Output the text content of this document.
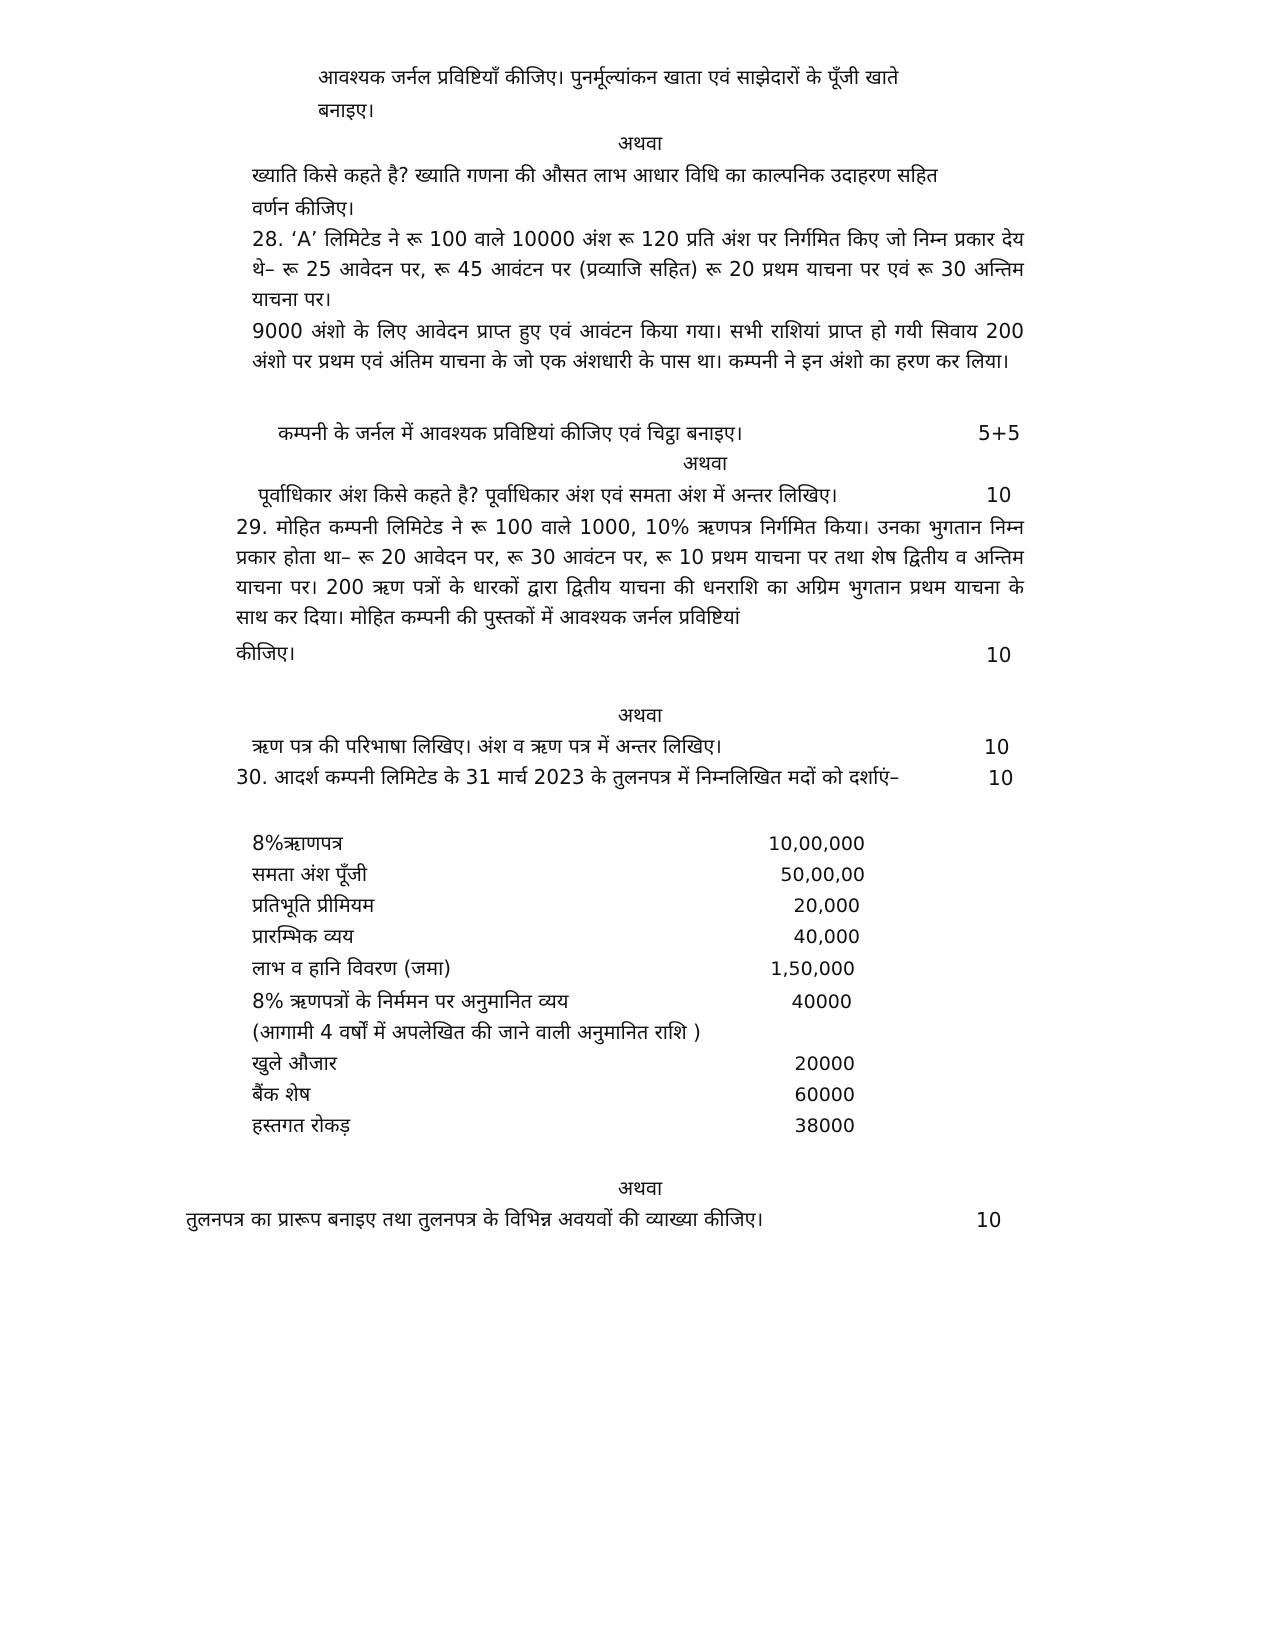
आवश्यक जर्नल प्रविष्टियाँ कीजिए। पुनर्मूल्यांकन खाता एवं साझेदारों के पूँजी खाते
बनाइए।
अथवा
ख्याति किसे कहते है? ख्याति गणना की औसत लाभ आधार विधि का काल्पनिक उदाहरण सहित
वर्णन कीजिए।
28. ‘A’ लिमिटेड ने रू 100 वाले 10000 अंश रू 120 प्रति अंश पर निर्गमित किए जो निम्न प्रकार देय थे– रू 25 आवेदन पर, रू 45 आवंटन पर (प्रव्याजि सहित) रू 20 प्रथम याचना पर एवं रू 30 अन्तिम याचना पर।
9000 अंशो के लिए आवेदन प्राप्त हुए एवं आवंटन किया गया। सभी राशियां प्राप्त हो गयी सिवाय 200 अंशो पर प्रथम एवं अंतिम याचना के जो एक अंशधारी के पास था। कम्पनी ने इन अंशो का हरण कर लिया।
कम्पनी के जर्नल में आवश्यक प्रविष्टियां कीजिए एवं चिट्ठा बनाइए।	5+5
अथवा
पूर्वाधिकार अंश किसे कहते है? पूर्वाधिकार अंश एवं समता अंश में अन्तर लिखिए।	10
29. मोहित कम्पनी लिमिटेड ने रू 100 वाले 1000, 10% ऋणपत्र निर्गमित किया। उनका भुगतान निम्न प्रकार होता था– रू 20 आवेदन पर, रू 30 आवंटन पर, रू 10 प्रथम याचना पर तथा शेष द्वितीय व अन्तिम याचना पर। 200 ऋण पत्रों के धारकों द्वारा द्वितीय याचना की धनराशि का अग्रिम भुगतान प्रथम याचना के साथ कर दिया। मोहित कम्पनी की पुस्तकों में आवश्यक जर्नल प्रविष्टियां
कीजिए।	10
अथवा
ऋण पत्र की परिभाषा लिखिए। अंश व ऋण पत्र में अन्तर लिखिए।	10
30. आदर्श कम्पनी लिमिटेड के 31 मार्च 2023 के तुलनपत्र में निम्नलिखित मदों को दर्शाएं–	10
8%ऋाणपत्र	10,00,000
समता अंश पूँजी	50,00,00
प्रतिभूति प्रीमियम	20,000
प्रारम्भिक व्यय	40,000
लाभ व हानि विवरण (जमा)	1,50,000
8% ऋणपत्रों के निर्ममन पर अनुमानित व्यय	40000
(आगामी 4 वर्षों में अपलेखित की जाने वाली अनुमानित राशि )
खुले औजार	20000
बैंक शेष	60000
हस्तगत रोकड़	38000
अथवा
तुलनपत्र का प्रारूप बनाइए तथा तुलनपत्र के विभिन्न अवयवों की व्याख्या कीजिए।	10
